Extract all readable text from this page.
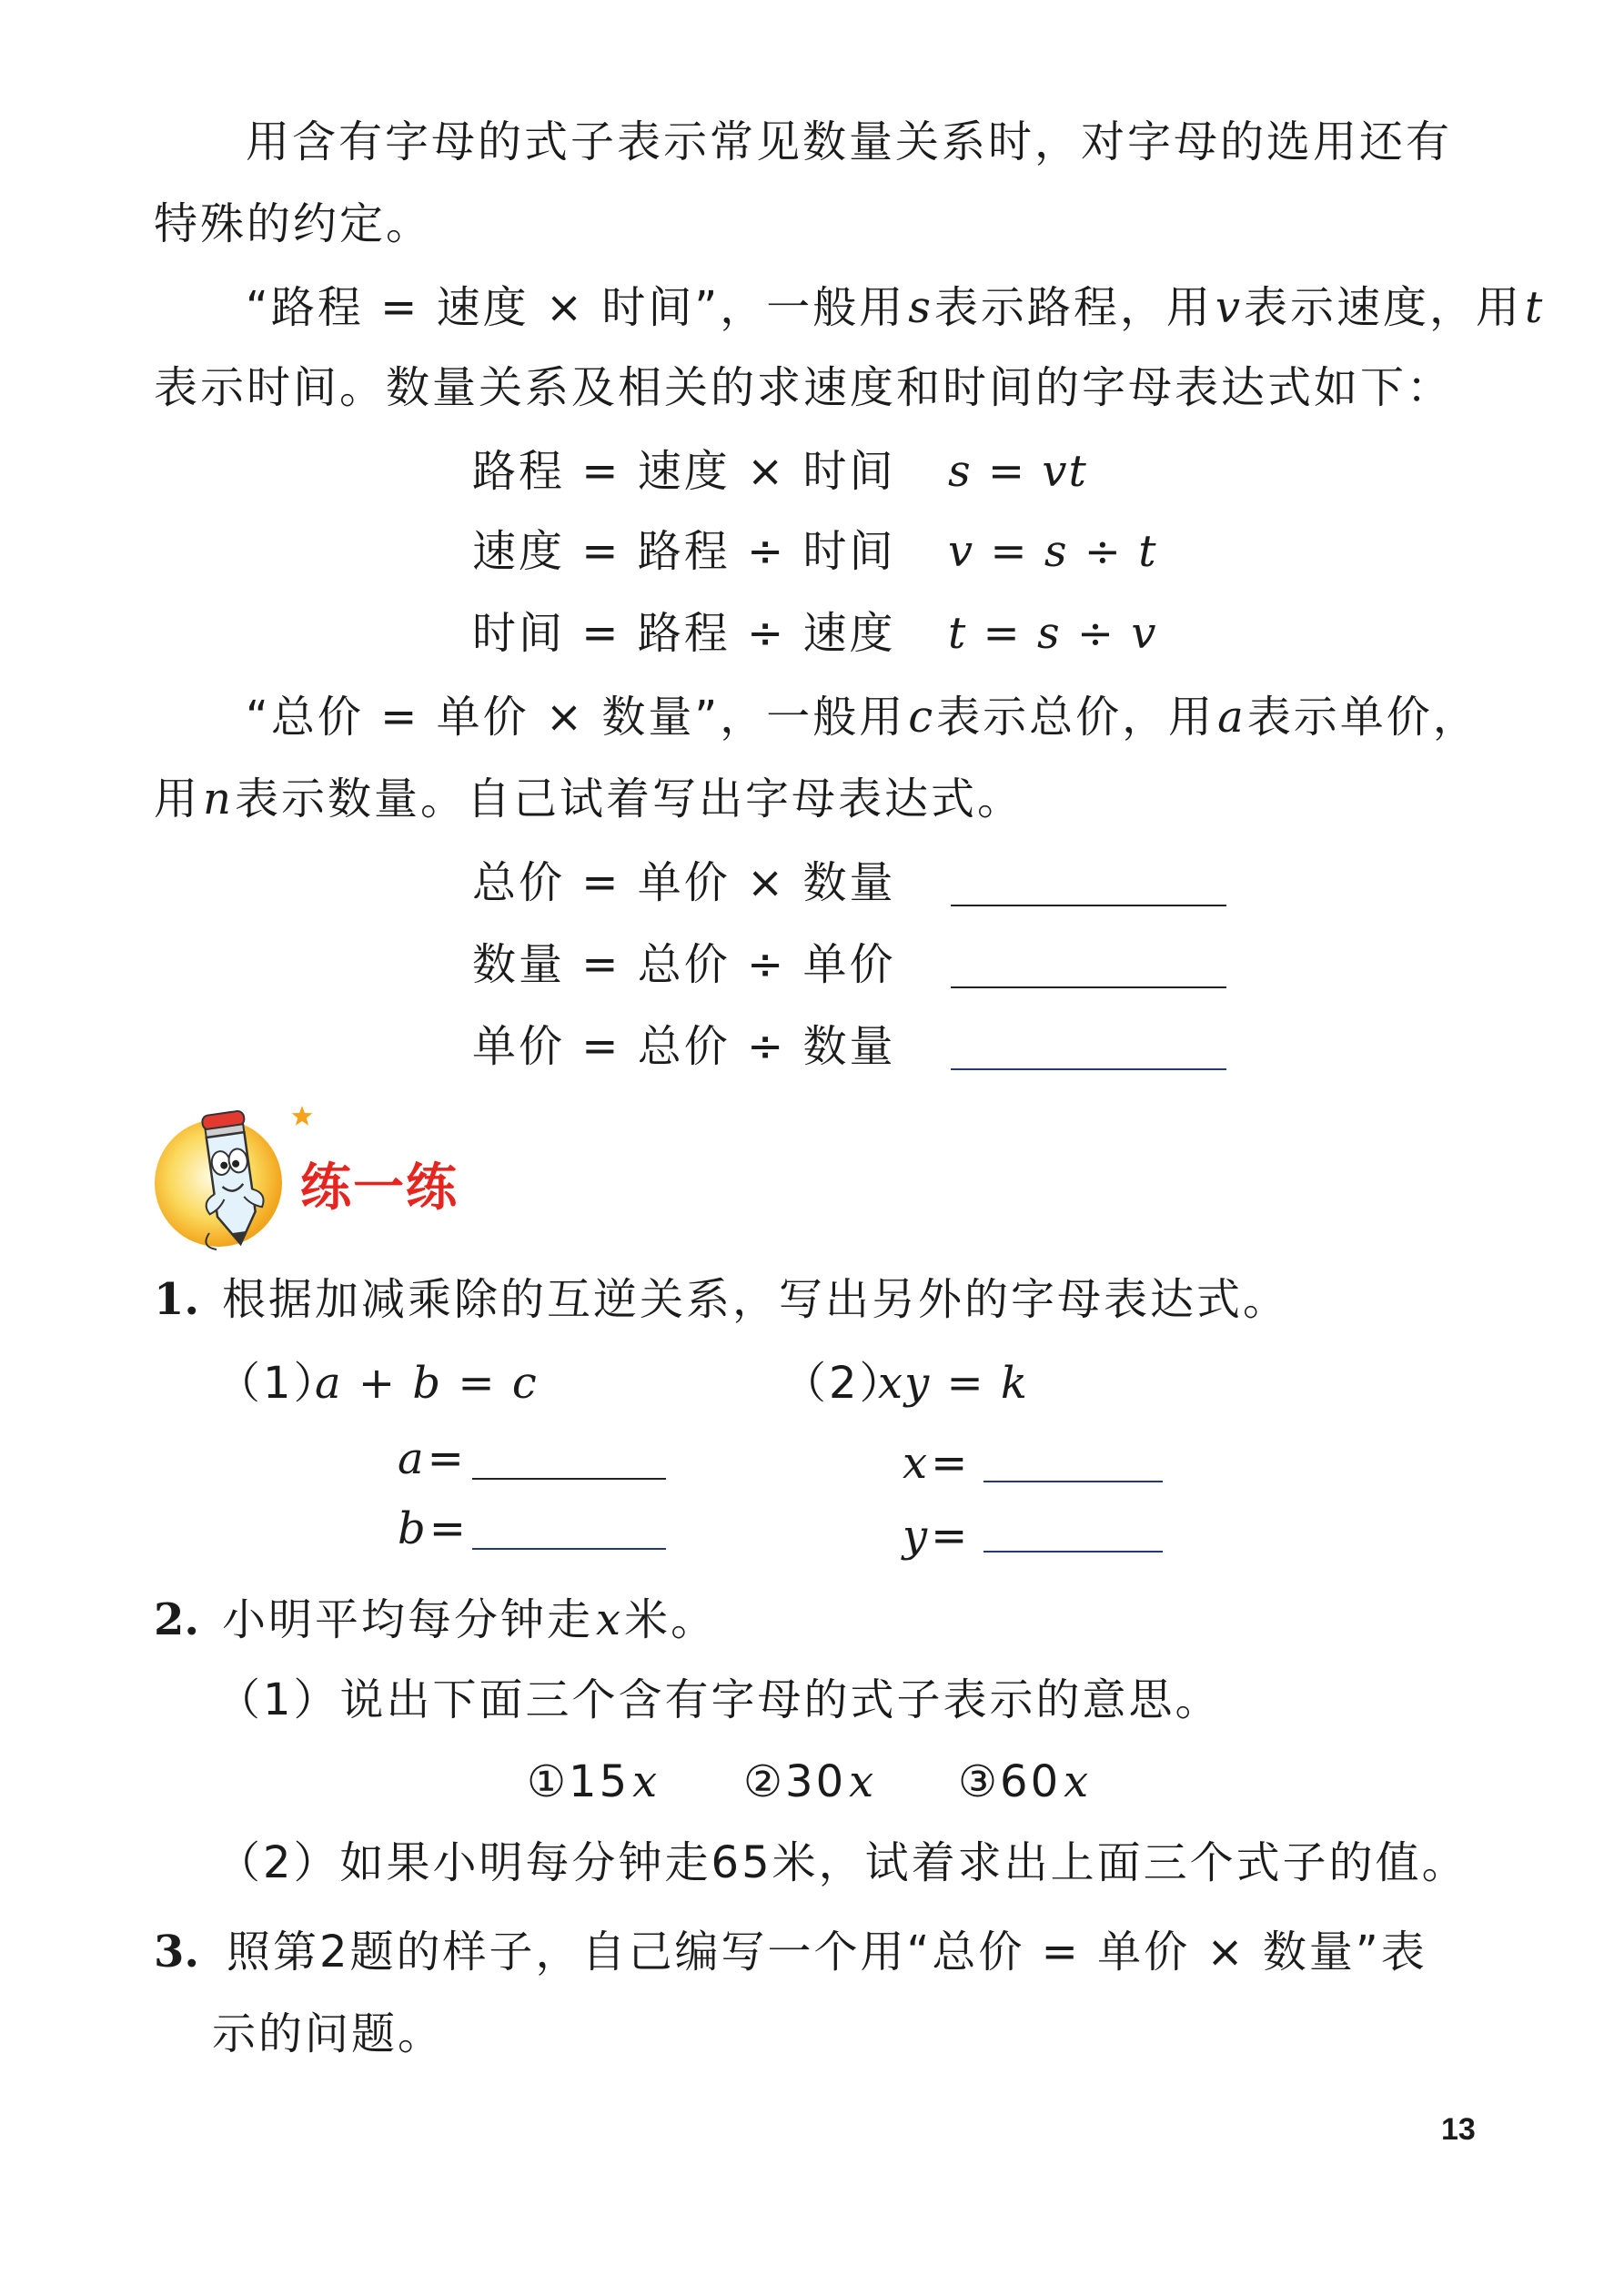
用含有字母的式子表示常见数量关系时，对字母的选用还有
特殊的约定。
“路程 = 速度 × 时间”，一般用s表示路程，用v表示速度，用t
表示时间。数量关系及相关的求速度和时间的字母表达式如下：
路程 = 速度 × 时间 s = vt
速度 = 路程 ÷ 时间 v = s ÷ t
时间 = 路程 ÷ 速度 t = s ÷ v
“总价 = 单价 × 数量”，一般用c表示总价，用a表示单价，
用n表示数量。自己试着写出字母表达式。
总价 = 单价 × 数量
数量 = 总价 ÷ 单价
单价 = 总价 ÷ 数量
练一练
1. 根据加减乘除的互逆关系，写出另外的字母表达式。
（1）
a + b = c	（2）
xy = k
a=
b=
x=
y=
2. 小明平均每分钟走x米。
（1）说出下面三个含有字母的式子表示的意思。
①15x ②30x ③60x
（2）如果小明每分钟走65米，试着求出上面三个式子的值。
3. 照第2题的样子，自己编写一个用“总价 = 单价 × 数量”表
示的问题。
13
